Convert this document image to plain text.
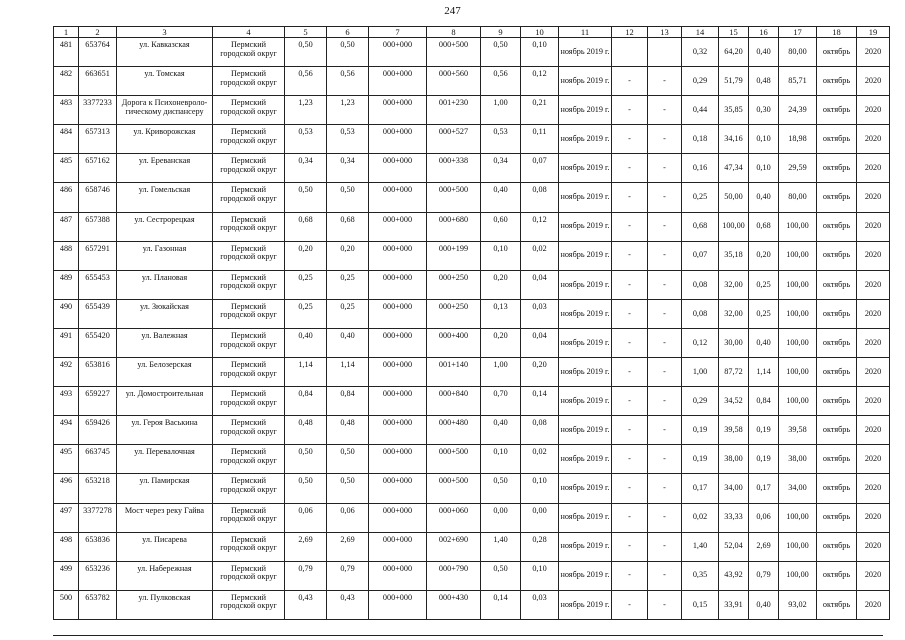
247
1	2	3	4	5	6	7	8	9	10	11	12	13	14	15	16	17	18	19
481	653764	ул. Кавказская	Пермский городской округ	0,50	0,50	000+000	000+500	0,50	0,10	ноябрь 2019 г.			0,32	64,20	0,40	80,00	октябрь	2020
482	663651	ул. Томская	Пермский городской округ	0,56	0,56	000+000	000+560	0,56	0,12	ноябрь 2019 г.	-	-	0,29	51,79	0,48	85,71	октябрь	2020
483	3377233	Дорога к Психоневроло-гическому диспансеру	Пермский городской округ	1,23	1,23	000+000	001+230	1,00	0,21	ноябрь 2019 г.	-	-	0,44	35,85	0,30	24,39	октябрь	2020
484	657313	ул. Криворожская	Пермский городской округ	0,53	0,53	000+000	000+527	0,53	0,11	ноябрь 2019 г.	-	-	0,18	34,16	0,10	18,98	октябрь	2020
485	657162	ул. Ереванская	Пермский городской округ	0,34	0,34	000+000	000+338	0,34	0,07	ноябрь 2019 г.	-	-	0,16	47,34	0,10	29,59	октябрь	2020
486	658746	ул. Гомельская	Пермский городской округ	0,50	0,50	000+000	000+500	0,40	0,08	ноябрь 2019 г.	-	-	0,25	50,00	0,40	80,00	октябрь	2020
487	657388	ул. Сестрорецкая	Пермский городской округ	0,68	0,68	000+000	000+680	0,60	0,12	ноябрь 2019 г.	-	-	0,68	100,00	0,68	100,00	октябрь	2020
488	657291	ул. Газонная	Пермский городской округ	0,20	0,20	000+000	000+199	0,10	0,02	ноябрь 2019 г.	-	-	0,07	35,18	0,20	100,00	октябрь	2020
489	655453	ул. Плановая	Пермский городской округ	0,25	0,25	000+000	000+250	0,20	0,04	ноябрь 2019 г.	-	-	0,08	32,00	0,25	100,00	октябрь	2020
490	655439	ул. Зюкайская	Пермский городской округ	0,25	0,25	000+000	000+250	0,13	0,03	ноябрь 2019 г.	-	-	0,08	32,00	0,25	100,00	октябрь	2020
491	655420	ул. Валежная	Пермский городской округ	0,40	0,40	000+000	000+400	0,20	0,04	ноябрь 2019 г.	-	-	0,12	30,00	0,40	100,00	октябрь	2020
492	653816	ул. Белозерская	Пермский городской округ	1,14	1,14	000+000	001+140	1,00	0,20	ноябрь 2019 г.	-	-	1,00	87,72	1,14	100,00	октябрь	2020
493	659227	ул. Домостроительная	Пермский городской округ	0,84	0,84	000+000	000+840	0,70	0,14	ноябрь 2019 г.	-	-	0,29	34,52	0,84	100,00	октябрь	2020
494	659426	ул. Героя Васькина	Пермский городской округ	0,48	0,48	000+000	000+480	0,40	0,08	ноябрь 2019 г.	-	-	0,19	39,58	0,19	39,58	октябрь	2020
495	663745	ул. Перевалочная	Пермский городской округ	0,50	0,50	000+000	000+500	0,10	0,02	ноябрь 2019 г.	-	-	0,19	38,00	0,19	38,00	октябрь	2020
496	653218	ул. Памирская	Пермский городской округ	0,50	0,50	000+000	000+500	0,50	0,10	ноябрь 2019 г.	-	-	0,17	34,00	0,17	34,00	октябрь	2020
497	3377278	Мост через реку Гайва	Пермский городской округ	0,06	0,06	000+000	000+060	0,00	0,00	ноябрь 2019 г.	-	-	0,02	33,33	0,06	100,00	октябрь	2020
498	653836	ул. Писарева	Пермский городской округ	2,69	2,69	000+000	002+690	1,40	0,28	ноябрь 2019 г.	-	-	1,40	52,04	2,69	100,00	октябрь	2020
499	653236	ул. Набережная	Пермский городской округ	0,79	0,79	000+000	000+790	0,50	0,10	ноябрь 2019 г.	-	-	0,35	43,92	0,79	100,00	октябрь	2020
500	653782	ул. Пулковская	Пермский городской округ	0,43	0,43	000+000	000+430	0,14	0,03	ноябрь 2019 г.	-	-	0,15	33,91	0,40	93,02	октябрь	2020
